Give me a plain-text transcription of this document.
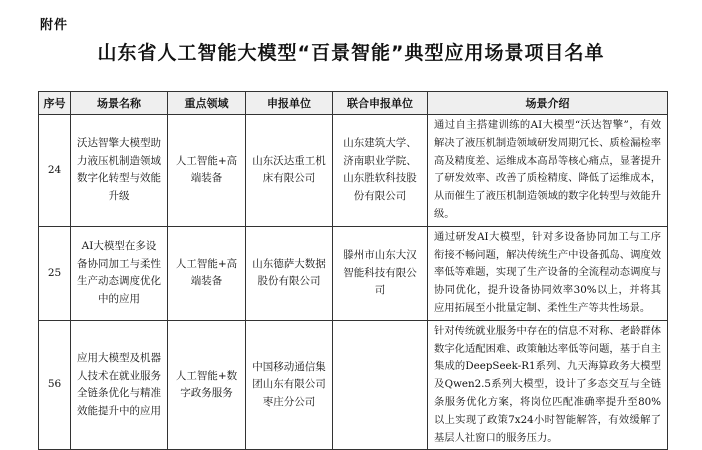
附件
山东省人工智能大模型“百景智能”典型应用场景项目名单
序号	场景名称	重点领域	申报单位	联合申报单位	场景介绍
24	沃达智擎大模型助力液压机制造领域数字化转型与效能升级	人工智能+高端装备	山东沃达重工机床有限公司	山东建筑大学、济南职业学院、山东胜软科技股份有限公司	通过自主搭建训练的AI大模型“沃达智擎”，有效解决了液压机制造领域研发周期冗长、质检漏检率高及精度差、运维成本高昂等核心痛点，显著提升了研发效率、改善了质检精度、降低了运维成本，从而催生了液压机制造领域的数字化转型与效能升级。
25	AI大模型在多设备协同加工与柔性生产动态调度优化中的应用	人工智能+高端装备	山东德萨大数据股份有限公司	滕州市山东大汉智能科技有限公司	通过研发AI大模型，针对多设备协同加工与工序衔接不畅问题，解决传统生产中设备孤岛、调度效率低等难题，实现了生产设备的全流程动态调度与协同优化，提升设备协同效率30%以上，并将其应用拓展至小批量定制、柔性生产等共性场景。
56	应用大模型及机器人技术在就业服务全链条优化与精准效能提升中的应用	人工智能+数字政务服务	中国移动通信集团山东有限公司枣庄分公司		针对传统就业服务中存在的信息不对称、老龄群体数字化适配困难、政策触达率低等问题，基于自主集成的DeepSeek-R1系列、九天海算政务大模型及Qwen2.5系列大模型，设计了多态交互与全链条服务优化方案，将岗位匹配准确率提升至80%以上实现了政策7x24小时智能解答，有效缓解了基层人社窗口的服务压力。
